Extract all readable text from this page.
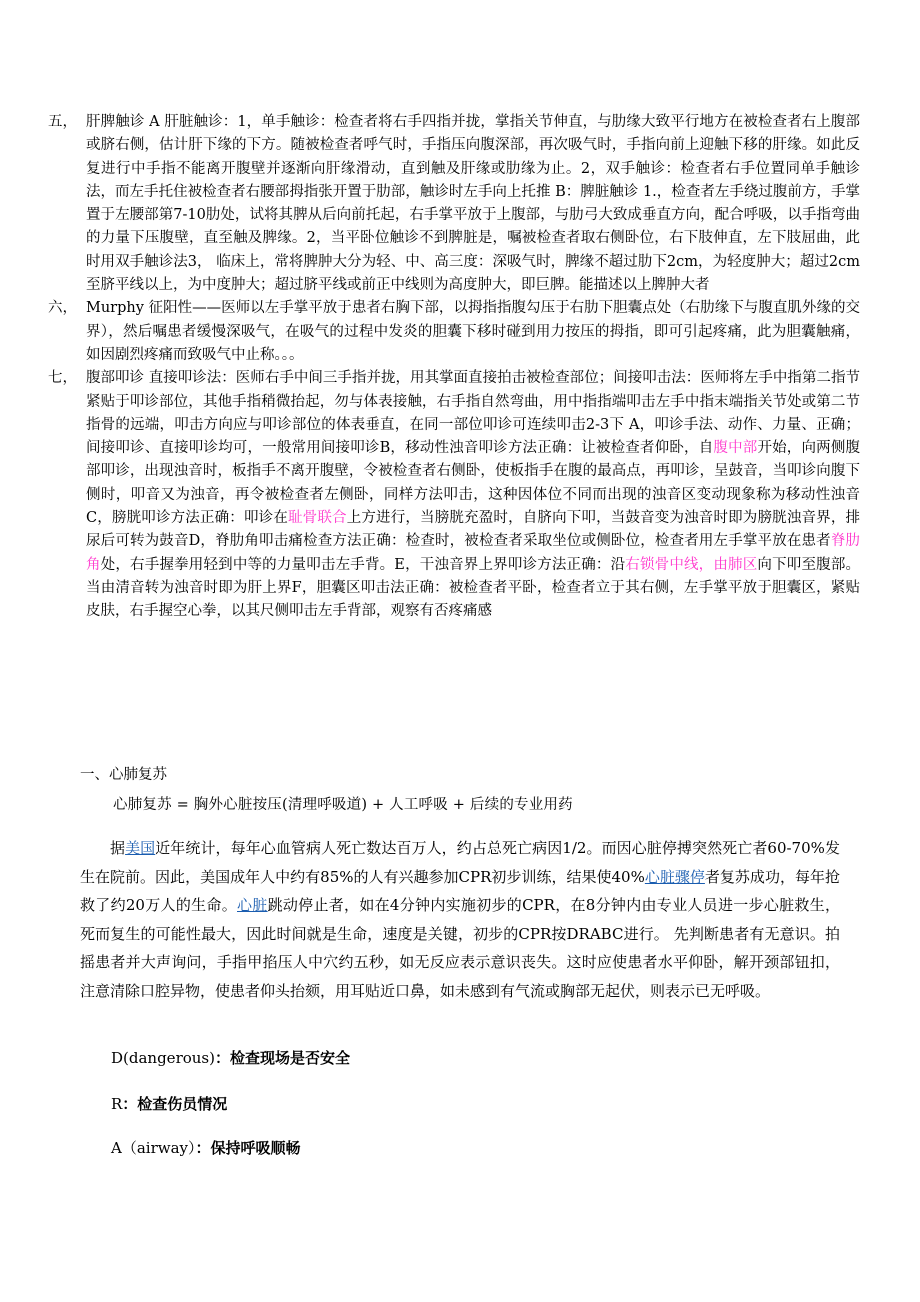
五， 肝脾触诊 A 肝脏触诊：1，单手触诊：检查者将右手四指并拢，掌指关节伸直，与肋缘大致平行地方在被检查者右上腹部或脐右侧，估计肝下缘的下方。随被检查者呼气时，手指压向腹深部，再次吸气时，手指向前上迎触下移的肝缘。如此反复进行中手指不能离开腹壁并逐渐向肝缘滑动，直到触及肝缘或肋缘为止。2，双手触诊：检查者右手位置同单手触诊法，而左手托住被检查者右腰部拇指张开置于肋部，触诊时左手向上托推 B：脾脏触诊 1.，检查者左手绕过腹前方，手掌置于左腰部第7-10肋处，试将其脾从后向前托起，右手掌平放于上腹部，与肋弓大致成垂直方向，配合呼吸，以手指弯曲的力量下压腹壁，直至触及脾缘。2，当平卧位触诊不到脾脏是，嘱被检查者取右侧卧位，右下肢伸直，左下肢屈曲，此时用双手触诊法3， 临床上，常将脾肿大分为轻、中、高三度：深吸气时，脾缘不超过肋下2cm，为轻度肿大；超过2cm至脐平线以上，为中度肿大；超过脐平线或前正中线则为高度肿大，即巨脾。能描述以上脾肿大者

六， Murphy 征阳性——医师以左手掌平放于患者右胸下部，以拇指指腹勾压于右肋下胆囊点处（右肋缘下与腹直肌外缘的交界），然后嘱患者缓慢深吸气，在吸气的过程中发炎的胆囊下移时碰到用力按压的拇指，即可引起疼痛，此为胆囊触痛，如因剧烈疼痛而致吸气中止称。。。

七， 腹部叩诊 直接叩诊法：医师右手中间三手指并拢，用其掌面直接拍击被检查部位；间接叩击法：医师将左手中指第二指节紧贴于叩诊部位，其他手指稍微抬起，勿与体表接触，右手指自然弯曲，用中指指端叩击左手中指末端指关节处或第二节指骨的远端，叩击方向应与叩诊部位的体表垂直，在同一部位叩诊可连续叩击2-3下 A，叩诊手法、动作、力量、正确；间接叩诊、直接叩诊均可，一般常用间接叩诊B，移动性浊音叩诊方法正确：让被检查者仰卧，自腹中部开始，向两侧腹部叩诊，出现浊音时，板指手不离开腹壁，令被检查者右侧卧，使板指手在腹的最高点，再叩诊，呈鼓音，当叩诊向腹下侧时，叩音又为浊音，再令被检查者左侧卧，同样方法叩击，这种因体位不同而出现的浊音区变动现象称为移动性浊音C，膀胱叩诊方法正确：叩诊在耻骨联合上方进行，当膀胱充盈时，自脐向下叩，当鼓音变为浊音时即为膀胱浊音界，排尿后可转为鼓音D，脊肋角叩击痛检查方法正确：检查时，被检查者采取坐位或侧卧位，检查者用左手掌平放在患者脊肋角处，右手握拳用轻到中等的力量叩击左手背。E，干浊音界上界叩诊方法正确：沿右锁骨中线，由肺区向下叩至腹部。当由清音转为浊音时即为肝上界F，胆囊区叩击法正确：被检查者平卧，检查者立于其右侧，左手掌平放于胆囊区，紧贴皮肤，右手握空心拳，以其尺侧叩击左手背部，观察有否疼痛感

一、心肺复苏
心肺复苏 = 胸外心脏按压(清理呼吸道) + 人工呼吸 + 后续的专业用药

据美国近年统计，每年心血管病人死亡数达百万人，约占总死亡病因1/2。而因心脏停搏突然死亡者60-70%发生在院前。因此，美国成年人中约有85%的人有兴趣参加CPR初步训练，结果使40%心脏骤停者复苏成功，每年抢救了约20万人的生命。心脏跳动停止者，如在4分钟内实施初步的CPR，在8分钟内由专业人员进一步心脏救生，死而复生的可能性最大，因此时间就是生命，速度是关键，初步的CPR按DRABC进行。 先判断患者有无意识。拍摇患者并大声询问，手指甲掐压人中穴约五秒，如无反应表示意识丧失。这时应使患者水平仰卧，解开颈部钮扣，注意清除口腔异物，使患者仰头抬颏，用耳贴近口鼻，如未感到有气流或胸部无起伏，则表示已无呼吸。

D(dangerous)：检查现场是否安全
R：检查伤员情况
A（airway）：保持呼吸顺畅
